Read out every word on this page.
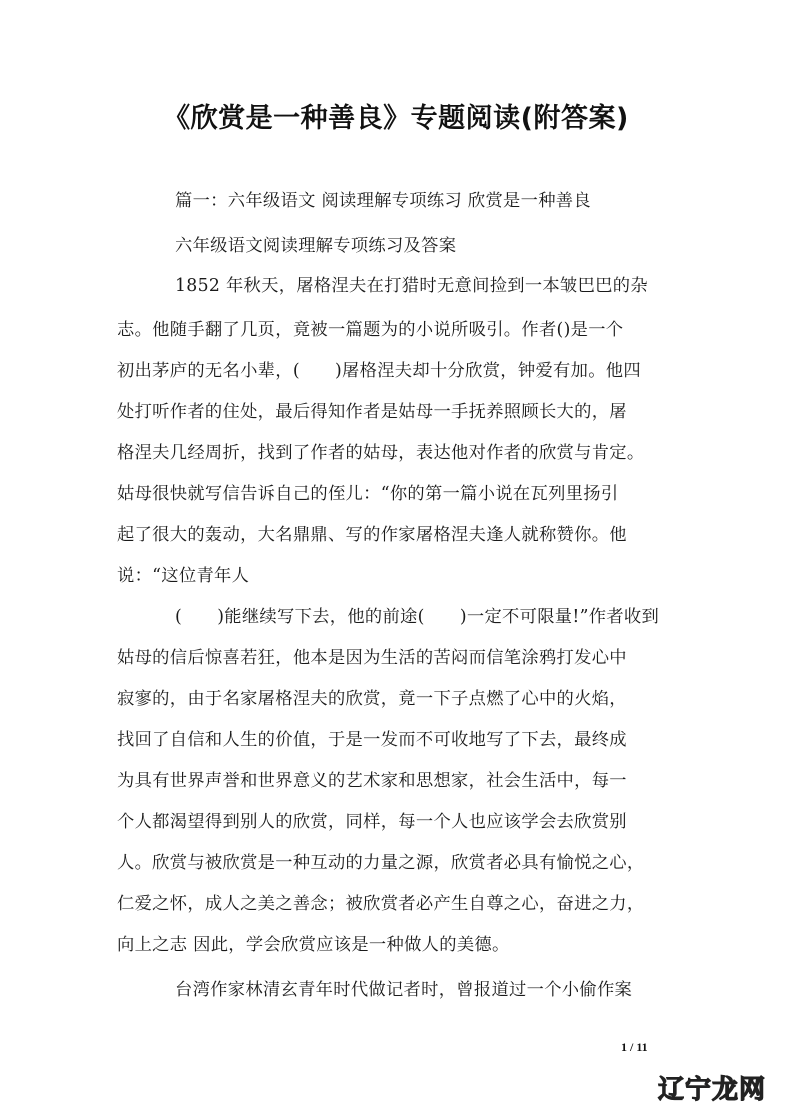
《欣赏是一种善良》专题阅读(附答案)
篇一：六年级语文 阅读理解专项练习 欣赏是一种善良
六年级语文阅读理解专项练习及答案
1852 年秋天，屠格涅夫在打猎时无意间捡到一本皱巴巴的杂
志。他随手翻了几页，竟被一篇题为的小说所吸引。作者()是一个
初出茅庐的无名小辈，(　　)屠格涅夫却十分欣赏，钟爱有加。他四
处打听作者的住处，最后得知作者是姑母一手抚养照顾长大的，屠
格涅夫几经周折，找到了作者的姑母，表达他对作者的欣赏与肯定。
姑母很快就写信告诉自己的侄儿：“你的第一篇小说在瓦列里扬引
起了很大的轰动，大名鼎鼎、写的作家屠格涅夫逢人就称赞你。他
说：“这位青年人
(　　)能继续写下去，他的前途(　　)一定不可限量!”作者收到
姑母的信后惊喜若狂，他本是因为生活的苦闷而信笔涂鸦打发心中
寂寥的，由于名家屠格涅夫的欣赏，竟一下子点燃了心中的火焰，
找回了自信和人生的价值，于是一发而不可收地写了下去，最终成
为具有世界声誉和世界意义的艺术家和思想家，社会生活中，每一
个人都渴望得到别人的欣赏，同样，每一个人也应该学会去欣赏别
人。欣赏与被欣赏是一种互动的力量之源，欣赏者必具有愉悦之心，
仁爱之怀，成人之美之善念；被欣赏者必产生自尊之心，奋进之力，
向上之志 因此，学会欣赏应该是一种做人的美德。
台湾作家林清玄青年时代做记者时，曾报道过一个小偷作案
1 / 11
辽宁龙网
